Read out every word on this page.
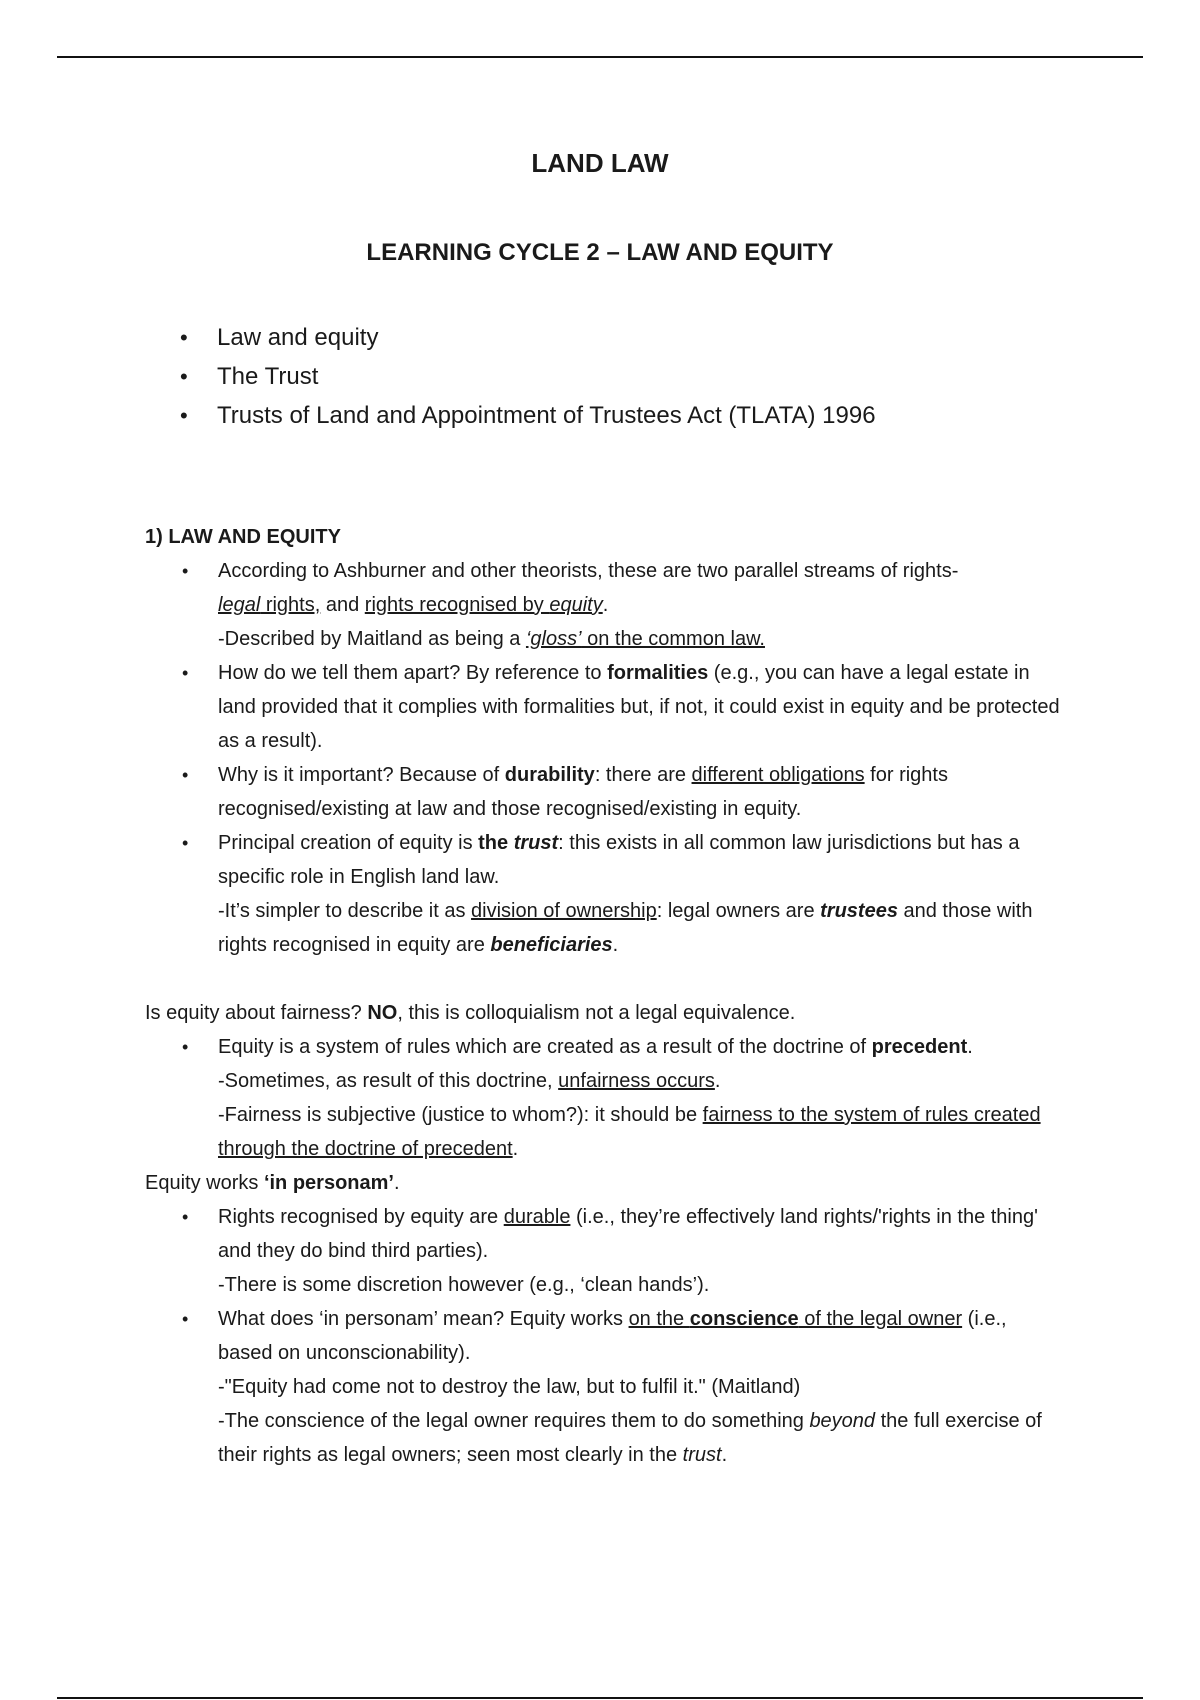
LAND LAW
LEARNING CYCLE 2 – LAW AND EQUITY
• Law and equity
• The Trust
• Trusts of Land and Appointment of Trustees Act (TLATA) 1996

1) LAW AND EQUITY

• According to Ashburner and other theorists, these are two parallel streams of rights-
legal rights, and rights recognised by equity.
-Described by Maitland as being a ‘gloss’ on the common law.
• How do we tell them apart? By reference to formalities (e.g., you can have a legal estate in land provided that it complies with formalities but, if not, it could exist in equity and be protected as a result).
• Why is it important? Because of durability: there are different obligations for rights recognised/existing at law and those recognised/existing in equity.
• Principal creation of equity is the trust: this exists in all common law jurisdictions but has a specific role in English land law.
-It’s simpler to describe it as division of ownership: legal owners are trustees and those with rights recognised in equity are beneficiaries.

Is equity about fairness? NO, this is colloquialism not a legal equivalence.

• Equity is a system of rules which are created as a result of the doctrine of precedent.
-Sometimes, as result of this doctrine, unfairness occurs.
-Fairness is subjective (justice to whom?): it should be fairness to the system of rules created through the doctrine of precedent.

Equity works ‘in personam’.

• Rights recognised by equity are durable (i.e., they’re effectively land rights/'rights in the thing' and they do bind third parties).
-There is some discretion however (e.g., ‘clean hands’).
• What does ‘in personam’ mean? Equity works on the conscience of the legal owner (i.e., based on unconscionability).
-"Equity had come not to destroy the law, but to fulfil it." (Maitland)
-The conscience of the legal owner requires them to do something beyond the full exercise of their rights as legal owners; seen most clearly in the trust.
